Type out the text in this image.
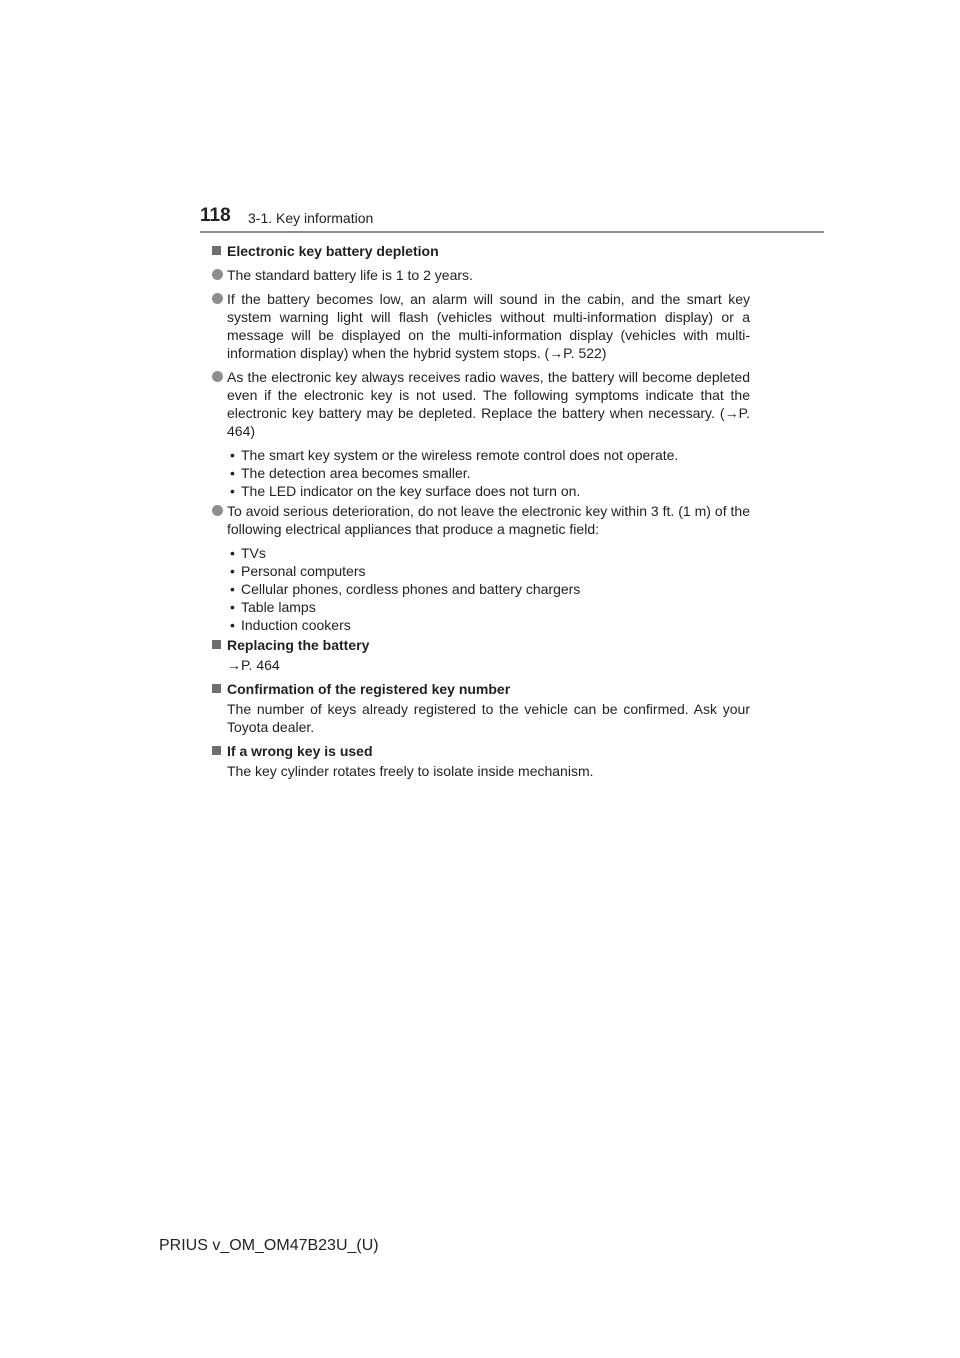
118 3-1. Key information
Electronic key battery depletion
The standard battery life is 1 to 2 years.
If the battery becomes low, an alarm will sound in the cabin, and the smart key system warning light will flash (vehicles without multi-information display) or a message will be displayed on the multi-information display (vehicles with multi-information display) when the hybrid system stops. (→P. 522)
As the electronic key always receives radio waves, the battery will become depleted even if the electronic key is not used. The following symptoms indicate that the electronic key battery may be depleted. Replace the battery when necessary. (→P. 464)
• The smart key system or the wireless remote control does not operate.
• The detection area becomes smaller.
• The LED indicator on the key surface does not turn on.
To avoid serious deterioration, do not leave the electronic key within 3 ft. (1 m) of the following electrical appliances that produce a magnetic field:
• TVs
• Personal computers
• Cellular phones, cordless phones and battery chargers
• Table lamps
• Induction cookers
Replacing the battery
→P. 464
Confirmation of the registered key number
The number of keys already registered to the vehicle can be confirmed. Ask your Toyota dealer.
If a wrong key is used
The key cylinder rotates freely to isolate inside mechanism.
PRIUS v_OM_OM47B23U_(U)
